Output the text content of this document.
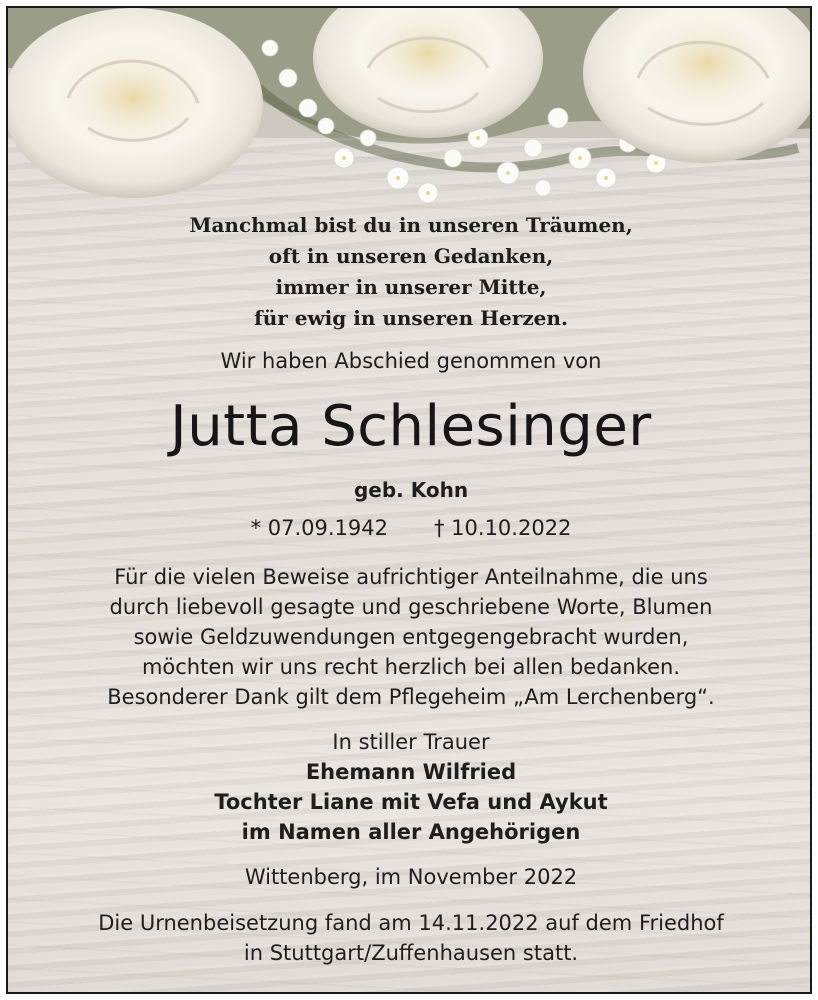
Manchmal bist du in unseren Träumen,
oft in unseren Gedanken,
immer in unserer Mitte,
für ewig in unseren Herzen.
Wir haben Abschied genommen von
Jutta Schlesinger
geb. Kohn
* 07.09.1942 † 10.10.2022
Für die vielen Beweise aufrichtiger Anteilnahme, die uns
durch liebevoll gesagte und geschriebene Worte, Blumen
sowie Geldzuwendungen entgegengebracht wurden,
möchten wir uns recht herzlich bei allen bedanken.
Besonderer Dank gilt dem Pflegeheim „Am Lerchenberg“.
In stiller Trauer
Ehemann Wilfried
Tochter Liane mit Vefa und Aykut
im Namen aller Angehörigen
Wittenberg, im November 2022
Die Urnenbeisetzung fand am 14.11.2022 auf dem Friedhof
in Stuttgart/Zuffenhausen statt.
